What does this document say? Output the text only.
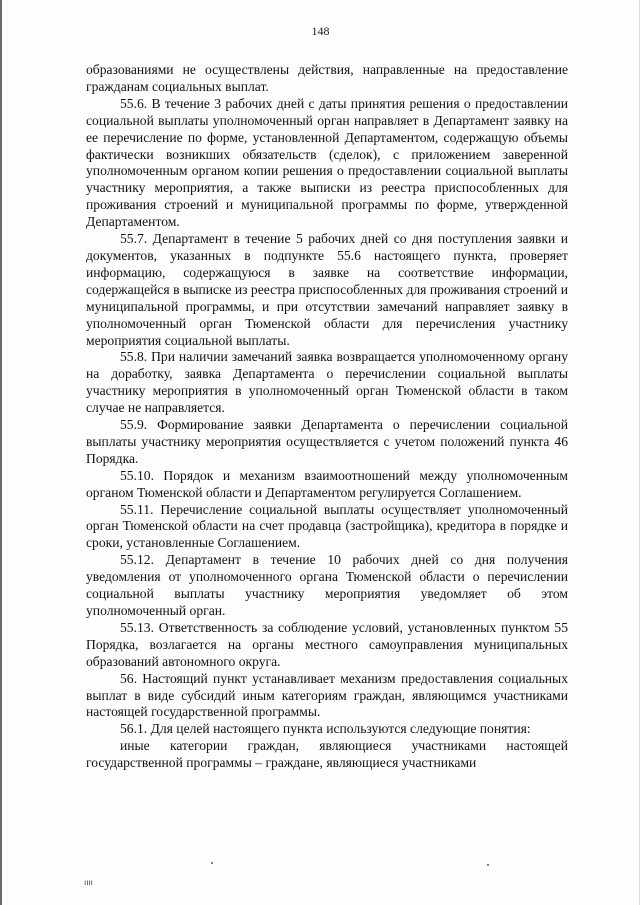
148

образованиями не осуществлены действия, направленные на предоставление гражданам социальных выплат.

55.6. В течение 3 рабочих дней с даты принятия решения о предоставлении социальной выплаты уполномоченный орган направляет в Департамент заявку на ее перечисление по форме, установленной Департаментом, содержащую объемы фактически возникших обязательств (сделок), с приложением заверенной уполномоченным органом копии решения о предоставлении социальной выплаты участнику мероприятия, а также выписки из реестра приспособленных для проживания строений и муниципальной программы по форме, утвержденной Департаментом.

55.7. Департамент в течение 5 рабочих дней со дня поступления заявки и документов, указанных в подпункте 55.6 настоящего пункта, проверяет информацию, содержащуюся в заявке на соответствие информации, содержащейся в выписке из реестра приспособленных для проживания строений и муниципальной программы, и при отсутствии замечаний направляет заявку в уполномоченный орган Тюменской области для перечисления участнику мероприятия социальной выплаты.

55.8. При наличии замечаний заявка возвращается уполномоченному органу на доработку, заявка Департамента о перечислении социальной выплаты участнику мероприятия в уполномоченный орган Тюменской области в таком случае не направляется.

55.9. Формирование заявки Департамента о перечислении социальной выплаты участнику мероприятия осуществляется с учетом положений пункта 46 Порядка.

55.10. Порядок и механизм взаимоотношений между уполномоченным органом Тюменской области и Департаментом регулируется Соглашением.

55.11. Перечисление социальной выплаты осуществляет уполномоченный орган Тюменской области на счет продавца (застройщика), кредитора в порядке и сроки, установленные Соглашением.

55.12. Департамент в течение 10 рабочих дней со дня получения уведомления от уполномоченного органа Тюменской области о перечислении социальной выплаты участнику мероприятия уведомляет об этом уполномоченный орган.

55.13. Ответственность за соблюдение условий, установленных пунктом 55 Порядка, возлагается на органы местного самоуправления муниципальных образований автономного округа.

56. Настоящий пункт устанавливает механизм предоставления социальных выплат в виде субсидий иным категориям граждан, являющимся участниками настоящей государственной программы.

56.1. Для целей настоящего пункта используются следующие понятия:

иные категории граждан, являющиеся участниками настоящей государственной программы – граждане, являющиеся участниками

ıııı
